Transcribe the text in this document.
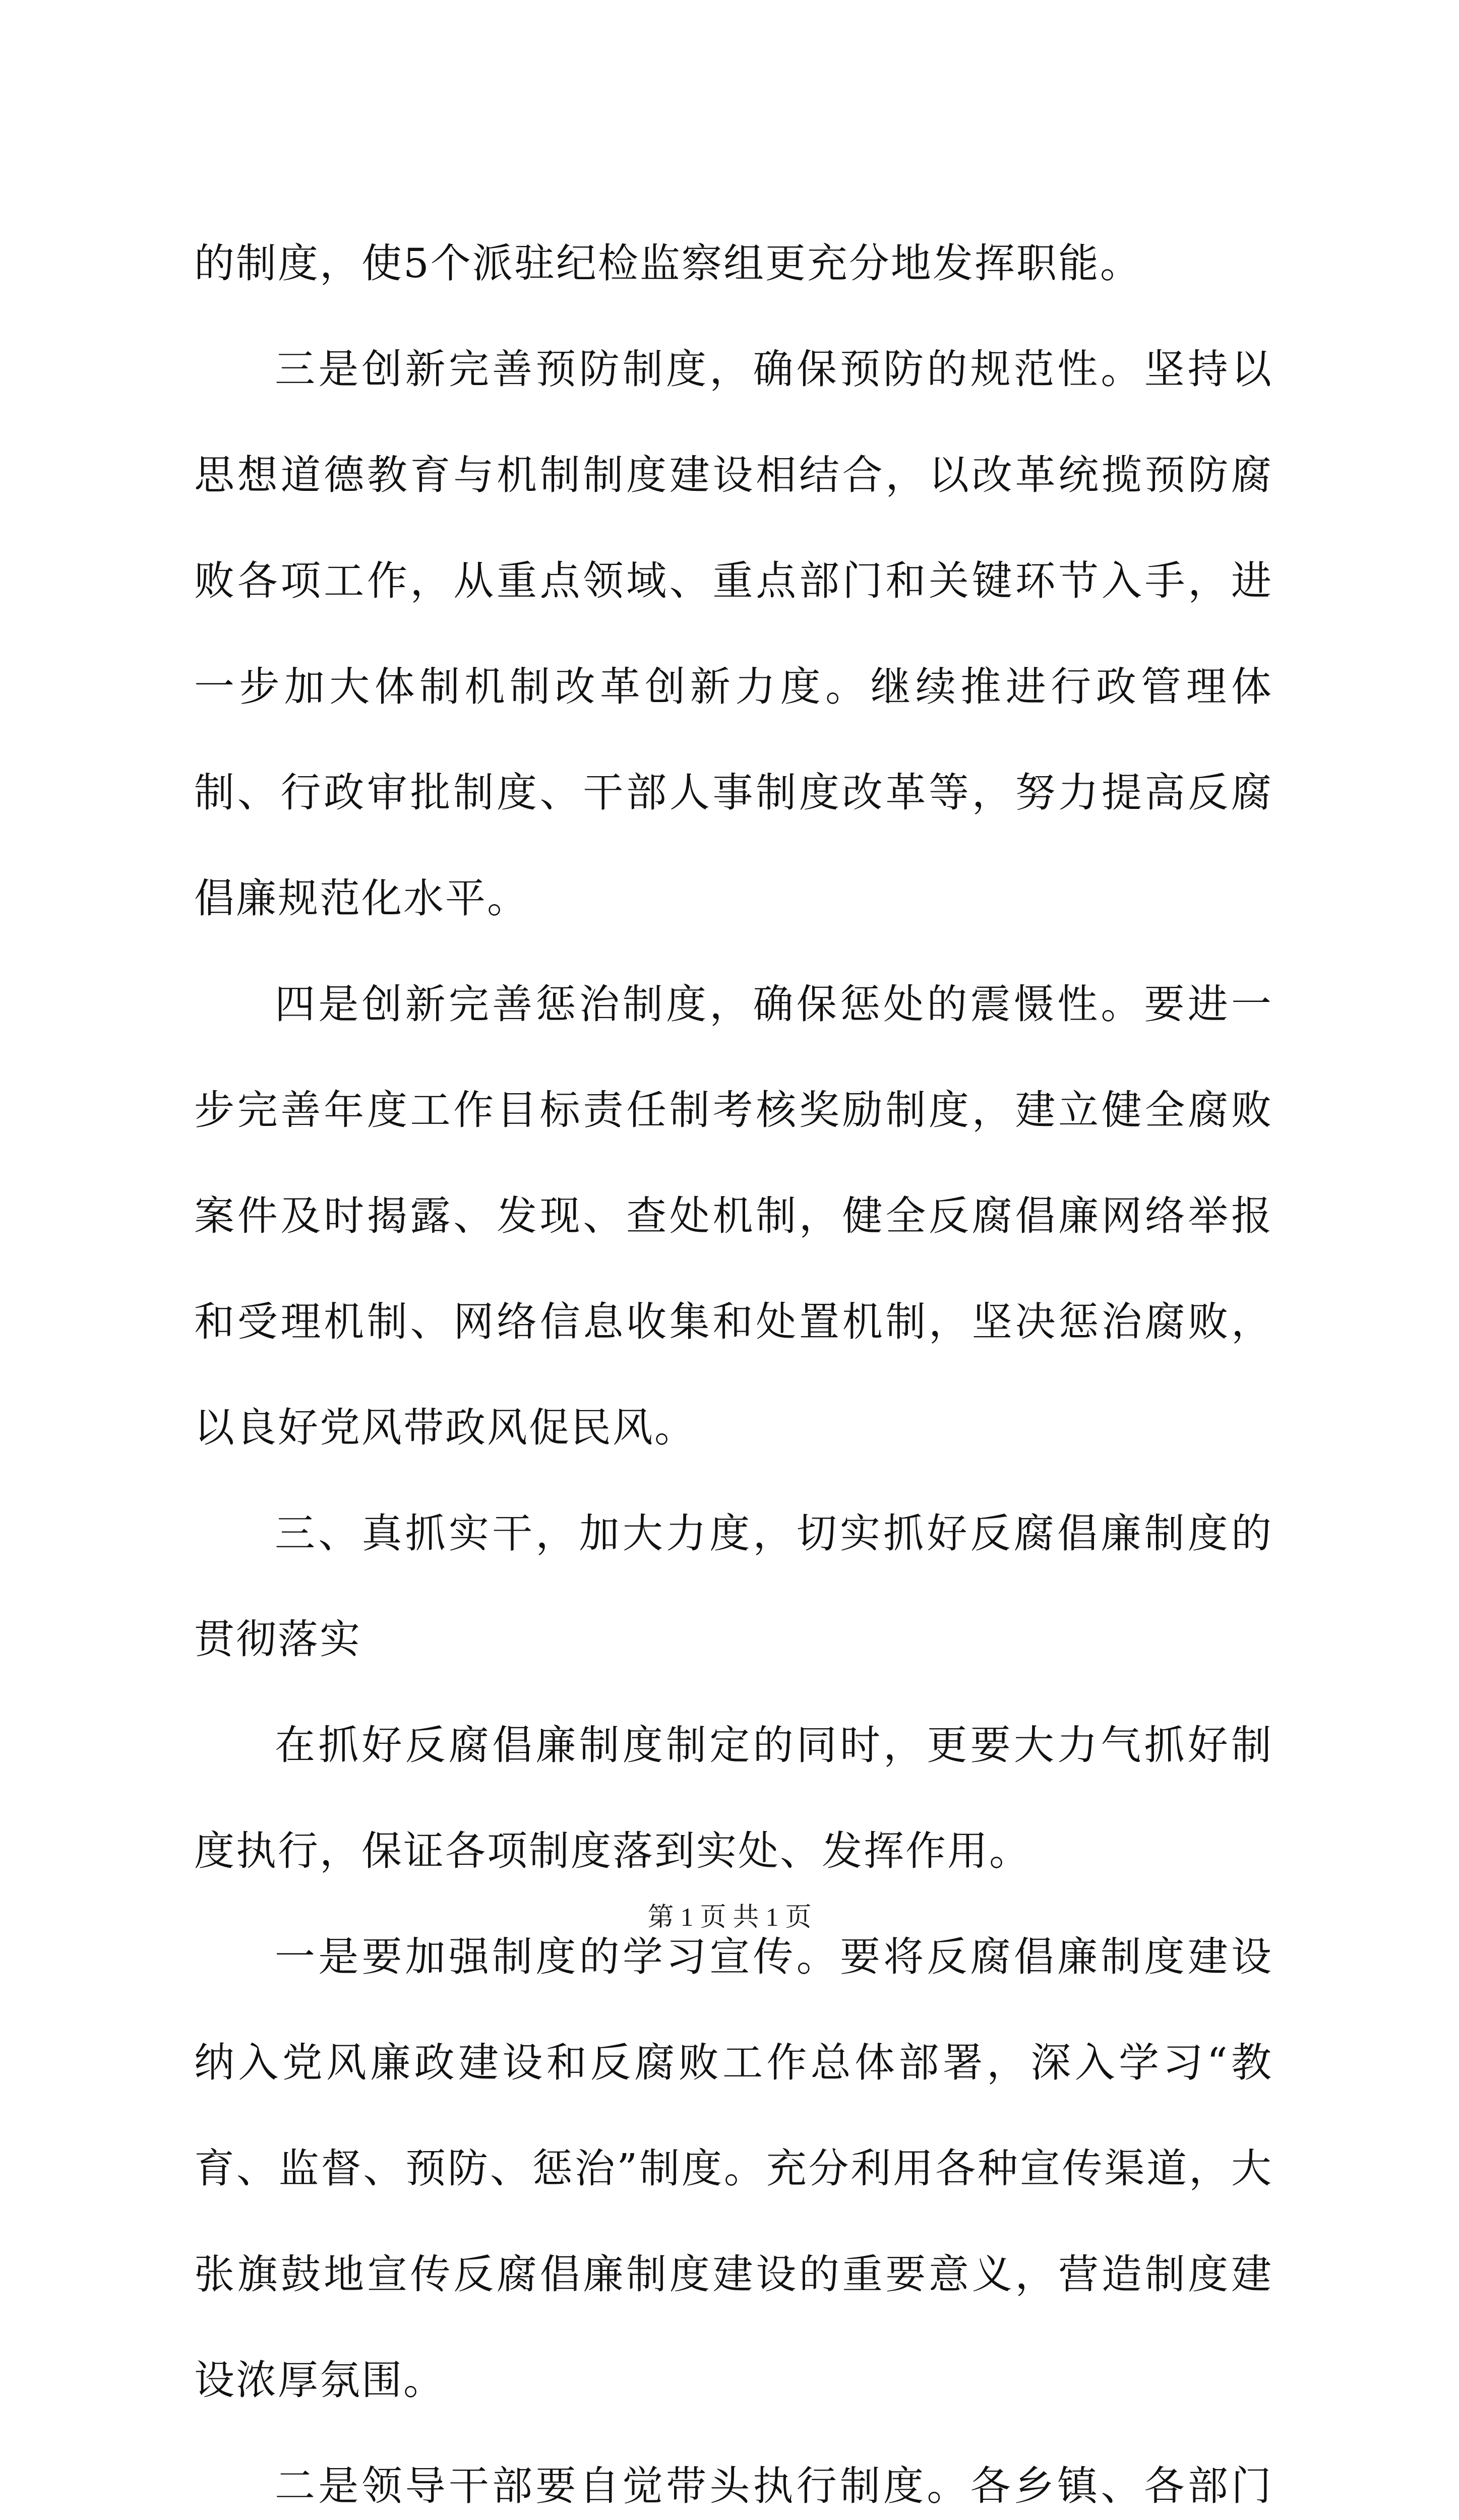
的制度，使5个派驻纪检监察组更充分地发挥职能。

三是创新完善预防制度，确保预防的规范性。坚持以思想道德教育与机制制度建设相结合，以改革统揽预防腐败各项工作，从重点领域、重点部门和关键环节入手，进一步加大体制机制改革创新力度。继续推进行政管理体制、行政审批制度、干部人事制度改革等，努力提高反腐倡廉规范化水平。

四是创新完善惩治制度，确保惩处的震慑性。要进一步完善年度工作目标责任制考核奖励制度，建立健全腐败案件及时揭露、发现、查处机制，健全反腐倡廉网络举报和受理机制、网络信息收集和处置机制，坚决惩治腐败，以良好党风带政风促民风。

三、真抓实干，加大力度，切实抓好反腐倡廉制度的贯彻落实

在抓好反腐倡廉制度制定的同时，更要大力气抓好制度执行，保证各项制度落到实处、发挥作用。

一是要加强制度的学习宣传。要将反腐倡廉制度建设纳入党风廉政建设和反腐败工作总体部署，深入学习“教育、监督、预防、惩治”制度。充分利用各种宣传渠道，大张旗鼓地宣传反腐倡廉制度建设的重要意义，营造制度建设浓厚氛围。

二是领导干部要自觉带头执行制度。各乡镇、各部门

第 1 页 共 1 页
